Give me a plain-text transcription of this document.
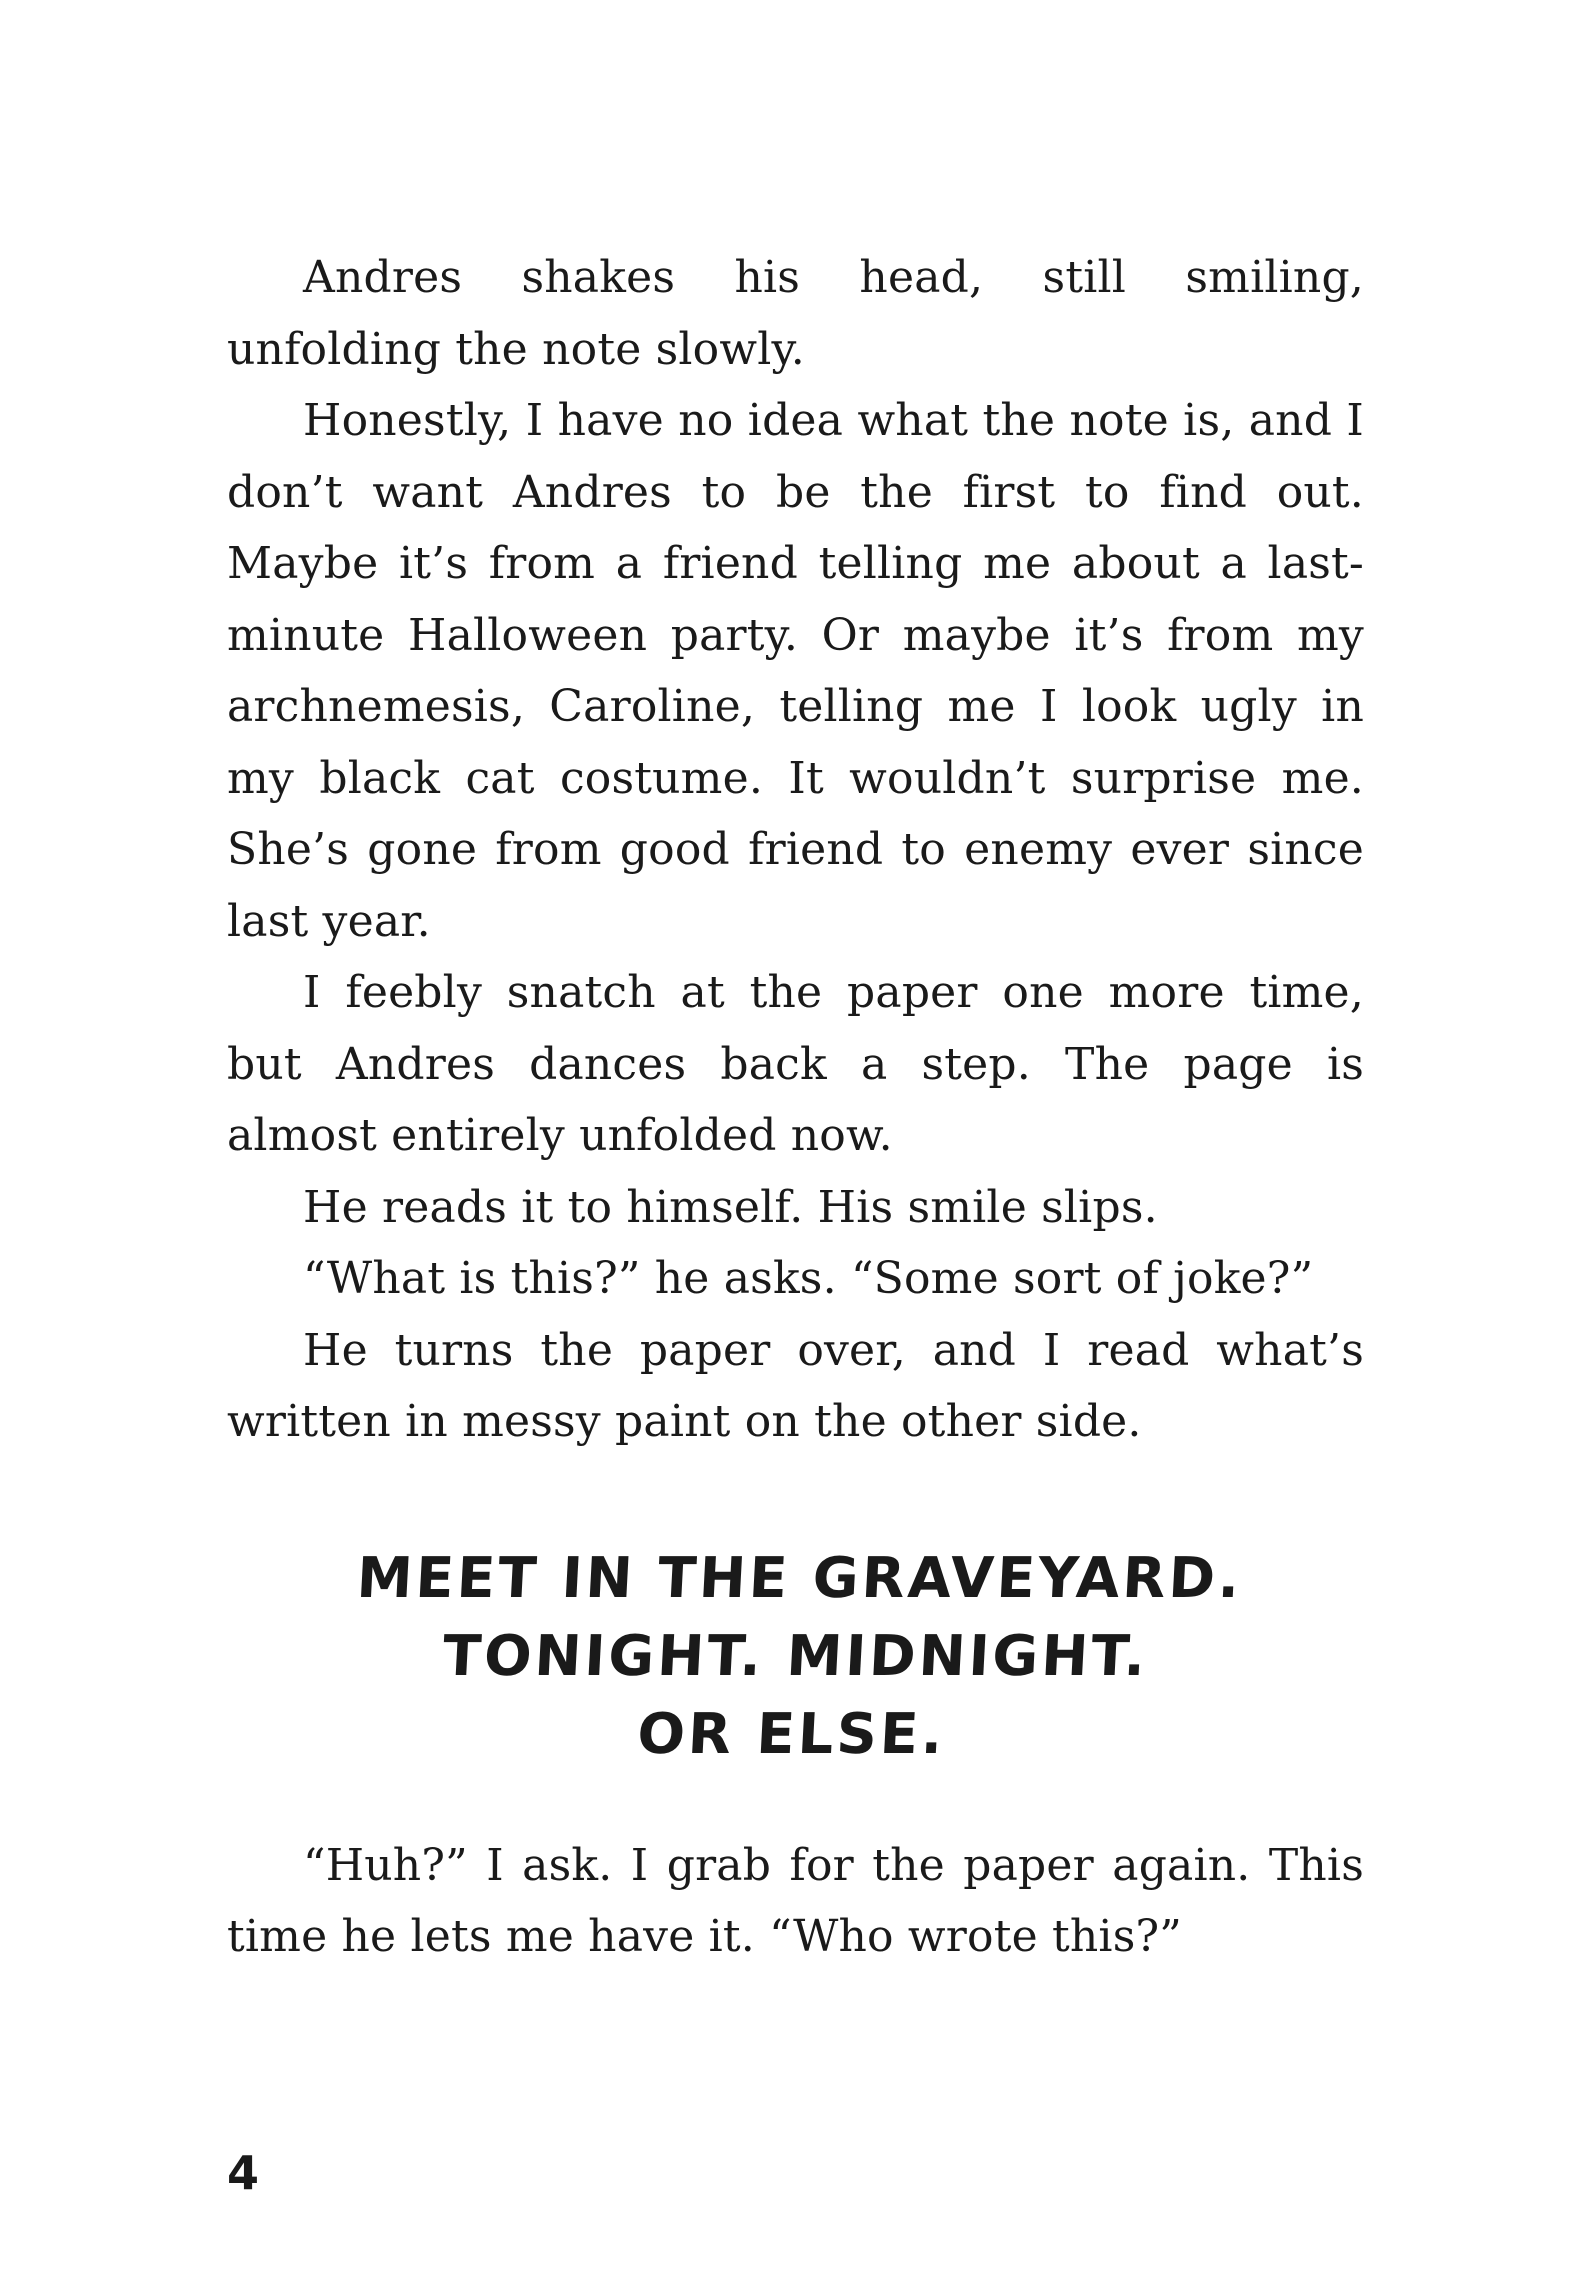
Andres shakes his head, still smiling, unfolding the note slowly.

Honestly, I have no idea what the note is, and I don’t want Andres to be the first to find out. Maybe it’s from a friend telling me about a last-minute Halloween party. Or maybe it’s from my archnemesis, Caroline, telling me I look ugly in my black cat costume. It wouldn’t surprise me. She’s gone from good friend to enemy ever since last year.

I feebly snatch at the paper one more time, but Andres dances back a step. The page is almost entirely unfolded now.

He reads it to himself. His smile slips.

“What is this?” he asks. “Some sort of joke?”

He turns the paper over, and I read what’s written in messy paint on the other side.

MEET IN THE GRAVEYARD.
TONIGHT. MIDNIGHT.
OR ELSE.

“Huh?” I ask. I grab for the paper again. This time he lets me have it. “Who wrote this?”

4
